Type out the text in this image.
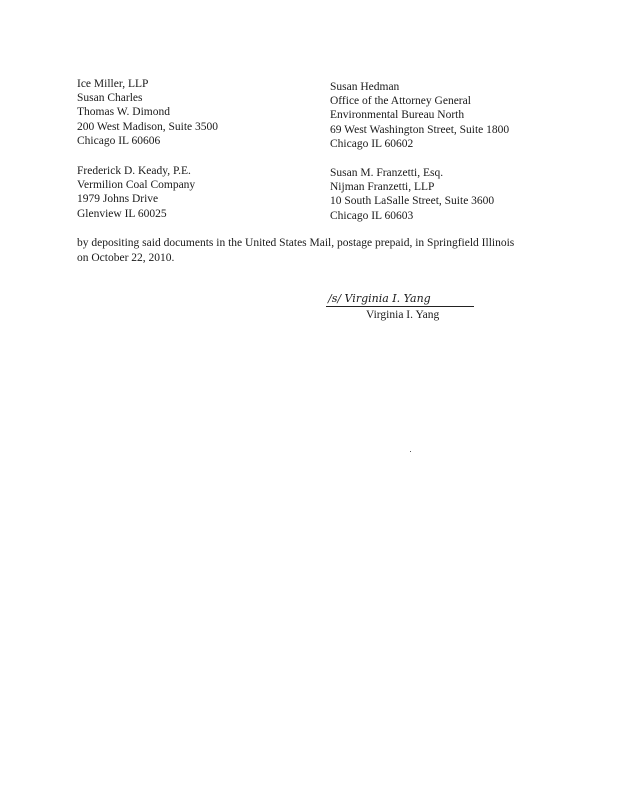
Ice Miller, LLP
Susan Charles
Thomas W. Dimond
200 West Madison, Suite 3500
Chicago IL 60606
Susan Hedman
Office of the Attorney General
Environmental Bureau North
69 West Washington Street, Suite 1800
Chicago IL 60602
Frederick D. Keady, P.E.
Vermilion Coal Company
1979 Johns Drive
Glenview IL 60025
Susan M. Franzetti, Esq.
Nijman Franzetti, LLP
10 South LaSalle Street, Suite 3600
Chicago IL 60603
by depositing said documents in the United States Mail, postage prepaid, in Springfield Illinois
on October 22, 2010.
/s/ Virginia I. Yang
Virginia I. Yang
